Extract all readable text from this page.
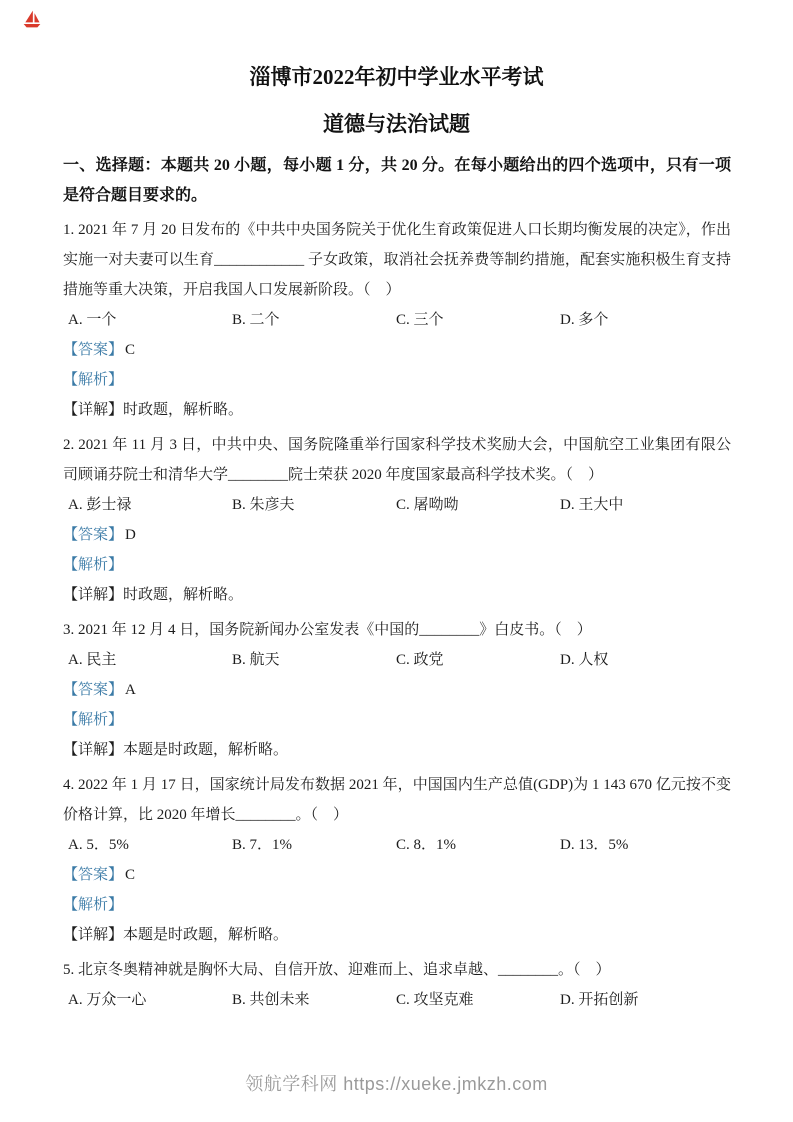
淄博市2022年初中学业水平考试
道德与法治试题
一、选择题：本题共 20 小题，每小题 1 分，共 20 分。在每小题给出的四个选项中，只有一项是符合题目要求的。
1. 2021 年 7 月 20 日发布的《中共中央国务院关于优化生育政策促进人口长期均衡发展的决定》，作出实施一对夫妻可以生育____________ 子女政策，取消社会抚养费等制约措施，配套实施积极生育支持措施等重大决策，开启我国人口发展新阶段。（　）
A. 一个	B. 二个	C. 三个	D. 多个
【答案】 C
【解析】
【详解】时政题，解析略。
2. 2021 年 11 月 3 日，中共中央、国务院隆重举行国家科学技术奖励大会，中国航空工业集团有限公司顾诵芬院士和清华大学________院士荣获 2020 年度国家最高科学技术奖。（　）
A. 彭士禄	B. 朱彦夫	C. 屠呦呦	D. 王大中
【答案】 D
【解析】
【详解】时政题，解析略。
3. 2021 年 12 月 4 日，国务院新闻办公室发表《中国的________》白皮书。（　）
A. 民主	B. 航天	C. 政党	D. 人权
【答案】 A
【解析】
【详解】本题是时政题，解析略。
4. 2022 年 1 月 17 日，国家统计局发布数据 2021 年，中国国内生产总值(GDP)为 1 143 670 亿元按不变价格计算，比 2020 年增长________。（　）
A. 5．5%	B. 7．1%	C. 8．1%	D. 13．5%
【答案】 C
【解析】
【详解】本题是时政题，解析略。
5. 北京冬奥精神就是胸怀大局、自信开放、迎难而上、追求卓越、________。（　）
A. 万众一心	B. 共创未来	C. 攻坚克难	D. 开拓创新
领航学科网 https://xueke.jmkzh.com
